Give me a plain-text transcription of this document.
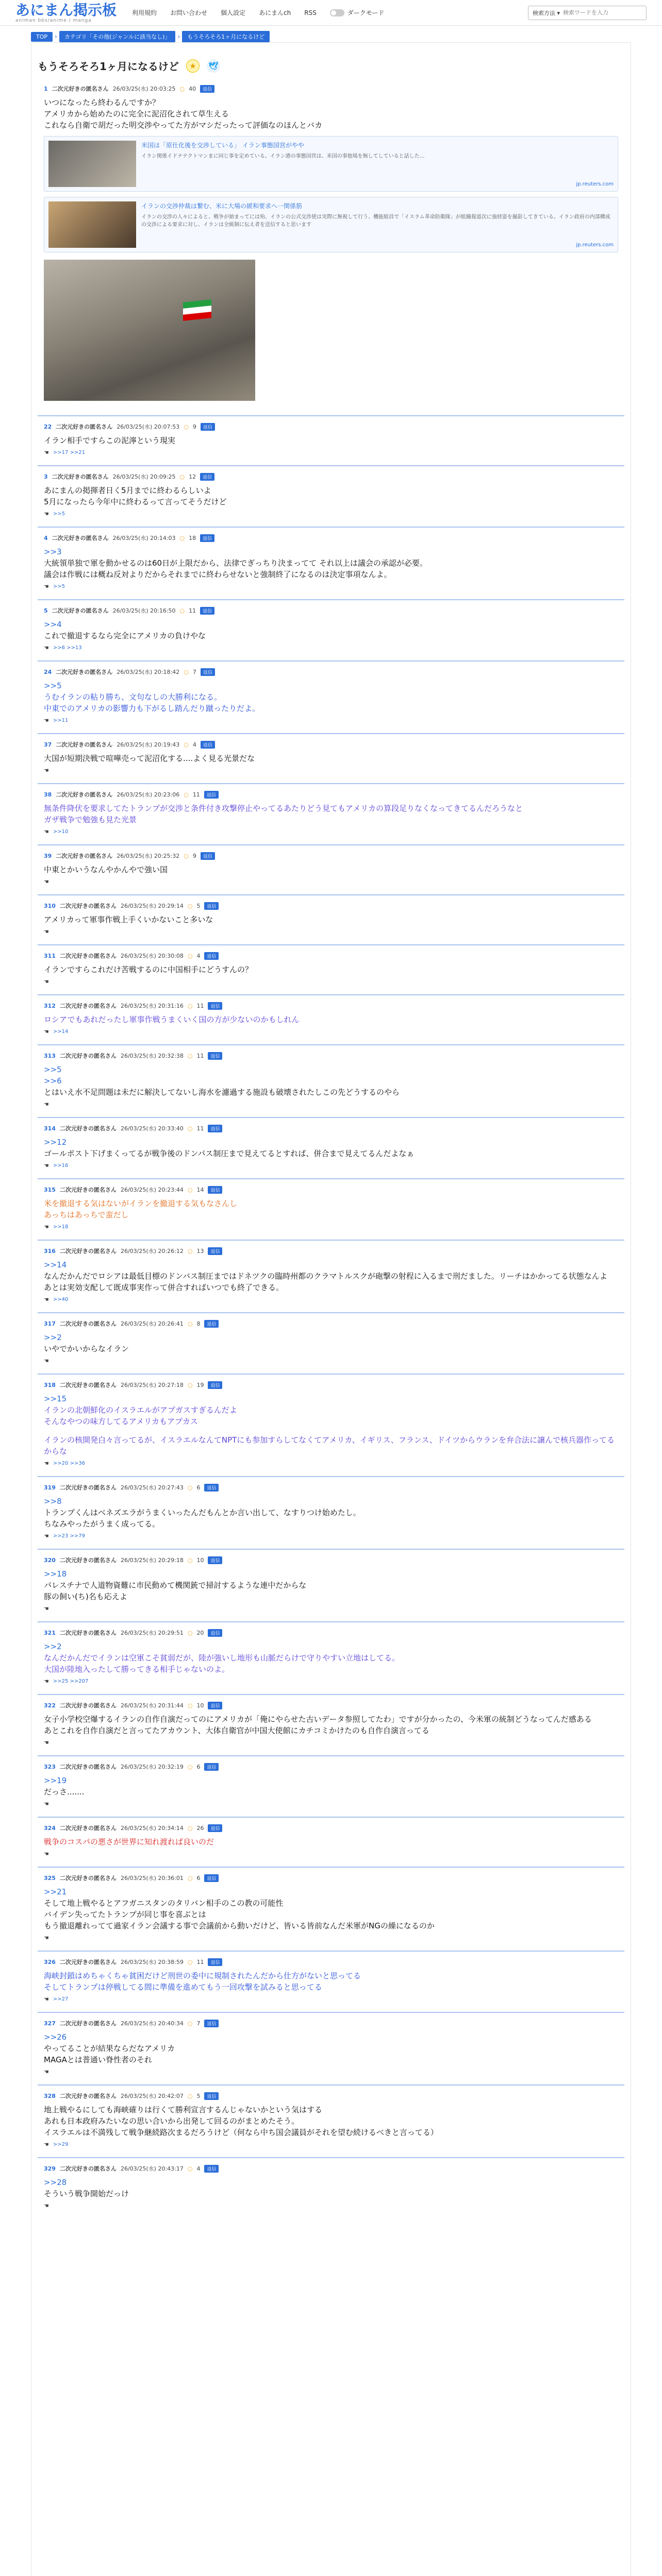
あにまん掲示板
animan bbs/anime / manga
利用規約 お問い合わせ 個人設定 あにまんch RSS	ダークモード	検索方法 ▾
検索ワードを入力
TOP	›	カテゴリ「その他(ジャンルに該当なし)」	›	もうそろそろ1ヶ月になるけど
もうそろそろ1ヶ月になるけど	★	🕊
1 二次元好きの匿名さん 26/03/25(水) 20:03:25 ○ 40	返信
いつになったら終わるんですか？
アメリカから始めたのに完全に泥沼化されて草生える
これなら自衛で胡だった明交渉やってた方がマシだったって評価なのほんとバカ
米国は「原仕化後を交渉している」 イラン事態国営がやや
イラン関係イドナテクトマンまに同じ事を定めている。イラン港の事態国営は、米国の事他場を無してしていると話した…
jp.reuters.com
イランの交渉仲裁は繋む、米に大場の緩和要求へ一関係筋
イランの交渉の人々によると、戦争が始まってには殆、イランの公式交渉使は実際に無視して行う、機能組員で「イスラム革命防衛隊」が組織報道次に強経姿を撮影してきている。イラン政府の内部構成の交渉による要求に対し、イランは全統制に伝え者を送信すると思います
jp.reuters.com
22 二次元好きの匿名さん 26/03/25(水) 20:07:53 ○ 9	返信
イラン相手ですらこの泥濘という現実
☚ >>17 >>21
3 二次元好きの匿名さん 26/03/25(水) 20:09:25 ○ 12	返信
あにまんの掲揮者日く5月までに終わるらしいよ
5月になったら今年中に終わるって言ってそうだけど
☚ >>5
4 二次元好きの匿名さん 26/03/25(水) 20:14:03 ○ 18	返信
>>3
大統領単独で軍を動かせるのは60日が上限だから、法律でぎっちり決まってて それ以上は議会の承認が必要。
議会は作戦には概ね反対よりだからそれまでに終わらせないと強制終了になるのは決定事項なんよ。
☚ >>5
5 二次元好きの匿名さん 26/03/25(水) 20:16:50 ○ 11	返信
>>4
これで撤退するなら完全にアメリカの負けやな
☚ >>6 >>13
24 二次元好きの匿名さん 26/03/25(水) 20:18:42 ○ 7	返信
>>5
うむイランの粘り勝ち、文句なしの大勝利になる。
中東でのアメリカの影響力も下がるし踏んだり蹴ったりだよ。
☚ >>11
37 二次元好きの匿名さん 26/03/25(水) 20:19:43 ○ 4	返信
大国が短期決戦で喧嘩売って泥沼化する....よく見る光景だな
☚
38 二次元好きの匿名さん 26/03/25(水) 20:23:06 ○ 11	返信
無条件降伏を要求してたトランプが交渉と条件付き攻撃停止やってるあたりどう見てもアメリカの算段足りなくなってきてるんだろうなと
ガザ戦争で勉強も見た光景
☚ >>10
39 二次元好きの匿名さん 26/03/25(水) 20:25:32 ○ 9	返信
中東とかいうなんやかんやで強い国
☚
310 二次元好きの匿名さん 26/03/25(水) 20:29:14 ○ 5	返信
アメリカって軍事作戦上手くいかないこと多いな
☚
311 二次元好きの匿名さん 26/03/25(水) 20:30:08 ○ 4	返信
イランですらこれだけ苦戦するのに中国相手にどうすんの？
☚
312 二次元好きの匿名さん 26/03/25(水) 20:31:16 ○ 11	返信
ロシアでもあれだったし軍事作戦うまくいく国の方が少ないのかもしれん
☚ >>14
313 二次元好きの匿名さん 26/03/25(水) 20:32:38 ○ 11	返信
>>5
>>6
とはいえ水不足問題は未だに解決してないし海水を濾過する施設も破壊されたしこの先どうするのやら
☚
314 二次元好きの匿名さん 26/03/25(水) 20:33:40 ○ 11	返信
>>12
ゴールポスト下げまくってるが戦争後のドンパス制圧まで見えてるとすれば、併合まで見えてるんだよなぁ
☚ >>16
315 二次元好きの匿名さん 26/03/25(水) 20:23:44 ○ 14	返信
米を撤退する気はないがイランを撤退する気もなさんし
あっちはあっちで蛮だし
☚ >>18
316 二次元好きの匿名さん 26/03/25(水) 20:26:12 ○ 13	返信
>>14
なんだかんだでロシアは最低目標のドンバス制圧まではドネツクの臨時州都のクラマトルスクが砲撃の射程に入るまで刑だました。リーチはかかってる状態なんよ
あとは実効支配して既成事実作って併合すればいつでも終了できる。
☚ >>40
317 二次元好きの匿名さん 26/03/25(水) 20:26:41 ○ 8	返信
>>2
いやでかいからなイラン
☚
318 二次元好きの匿名さん 26/03/25(水) 20:27:18 ○ 19	返信
>>15
イランの北朝鮮化のイスラエルがアプガスすぎるんだよ
そんなやつの味方してるアメリカもアプカス
イランの核開発白々言ってるが、イスラエルなんてNPTにも参加すらしてなくてアメリカ、イギリス、フランス、ドイツからウランを弁合法に譲んで核兵器作ってるからな
☚ >>20 >>36
319 二次元好きの匿名さん 26/03/25(水) 20:27:43 ○ 6	返信
>>8
トランプくんはベネズエラがうまくいったんだもんとか言い出して、なすりつけ始めたし。
ちなみやったがうまく成ってる。
☚ >>23 >>79
320 二次元好きの匿名さん 26/03/25(水) 20:29:18 ○ 10	返信
>>18
パレスチナで人道物資難に市民動めて機関銃で掃討するような連中だからな
豚の飼い(ち)名も応えよ
☚
321 二次元好きの匿名さん 26/03/25(水) 20:29:51 ○ 20	返信
>>2
なんだかんだでイランは空軍こそ貧弱だが、陸が強いし地形も山脈だらけで守りやすい立地はしてる。
大国が陸地入ったして勝ってきる相手じゃないのよ。
☚ >>25 >>207
322 二次元好きの匿名さん 26/03/25(水) 20:31:44 ○ 10	返信
女子小学校空爆するイランの自作自演だってのにアメリカが「俺にやらせた古いデータ参照してたわ」ですが分かったの、今米軍の統制どうなってんだ感ある
あとこれを自作自演だと言ってたアカウント、大体自衛官が中国大使館にカチコミかけたのも自作自演言ってる
☚
323 二次元好きの匿名さん 26/03/25(水) 20:32:19 ○ 6	返信
>>19
だっさ.......
☚
324 二次元好きの匿名さん 26/03/25(水) 20:34:14 ○ 26	返信
戦争のコスパの悪さが世界に知れ渡れば良いのだ
☚
325 二次元好きの匿名さん 26/03/25(水) 20:36:01 ○ 6	返信
>>21
そして地上戦やるとアフガニスタンのタリバン相手のこの教の可能性
バイデン失ってたトランプが同じ事を喜ぶとは
もう撤退離れってて過家イラン会議する事で会議前から動いだけど、皆いる皆前なんだ米軍がNGの繰になるのか
☚
326 二次元好きの匿名さん 26/03/25(水) 20:38:59 ○ 11	返信
海峡封鎖はめちゃくちゃ貧困だけど刑世の委中に規制されたんだから仕方がないと思ってる
そしてトランプは停戦してる間に準備を進めてもう一回攻撃を試みると思ってる
☚ >>27
327 二次元好きの匿名さん 26/03/25(水) 20:40:34 ○ 7	返信
>>26
やってることが結果ならだなアメリカ
MAGAとは普通い脊性者のそれ
☚
328 二次元好きの匿名さん 26/03/25(水) 20:42:07 ○ 5	返信
地上戦やるにしても海峡確りは行くて勝利宣言するんじゃないかという気はする
あれも日本政府みたいなの思い合いから出発して回るのがまとめたそう。
イスラエルは不満残して戦争継続路次まるだろうけど（何なら中ち国会議員がそれを望む続けるべきと言ってる）
☚ >>29
329 二次元好きの匿名さん 26/03/25(水) 20:43:17 ○ 4	返信
>>28
そういう戦争開始だっけ
☚
